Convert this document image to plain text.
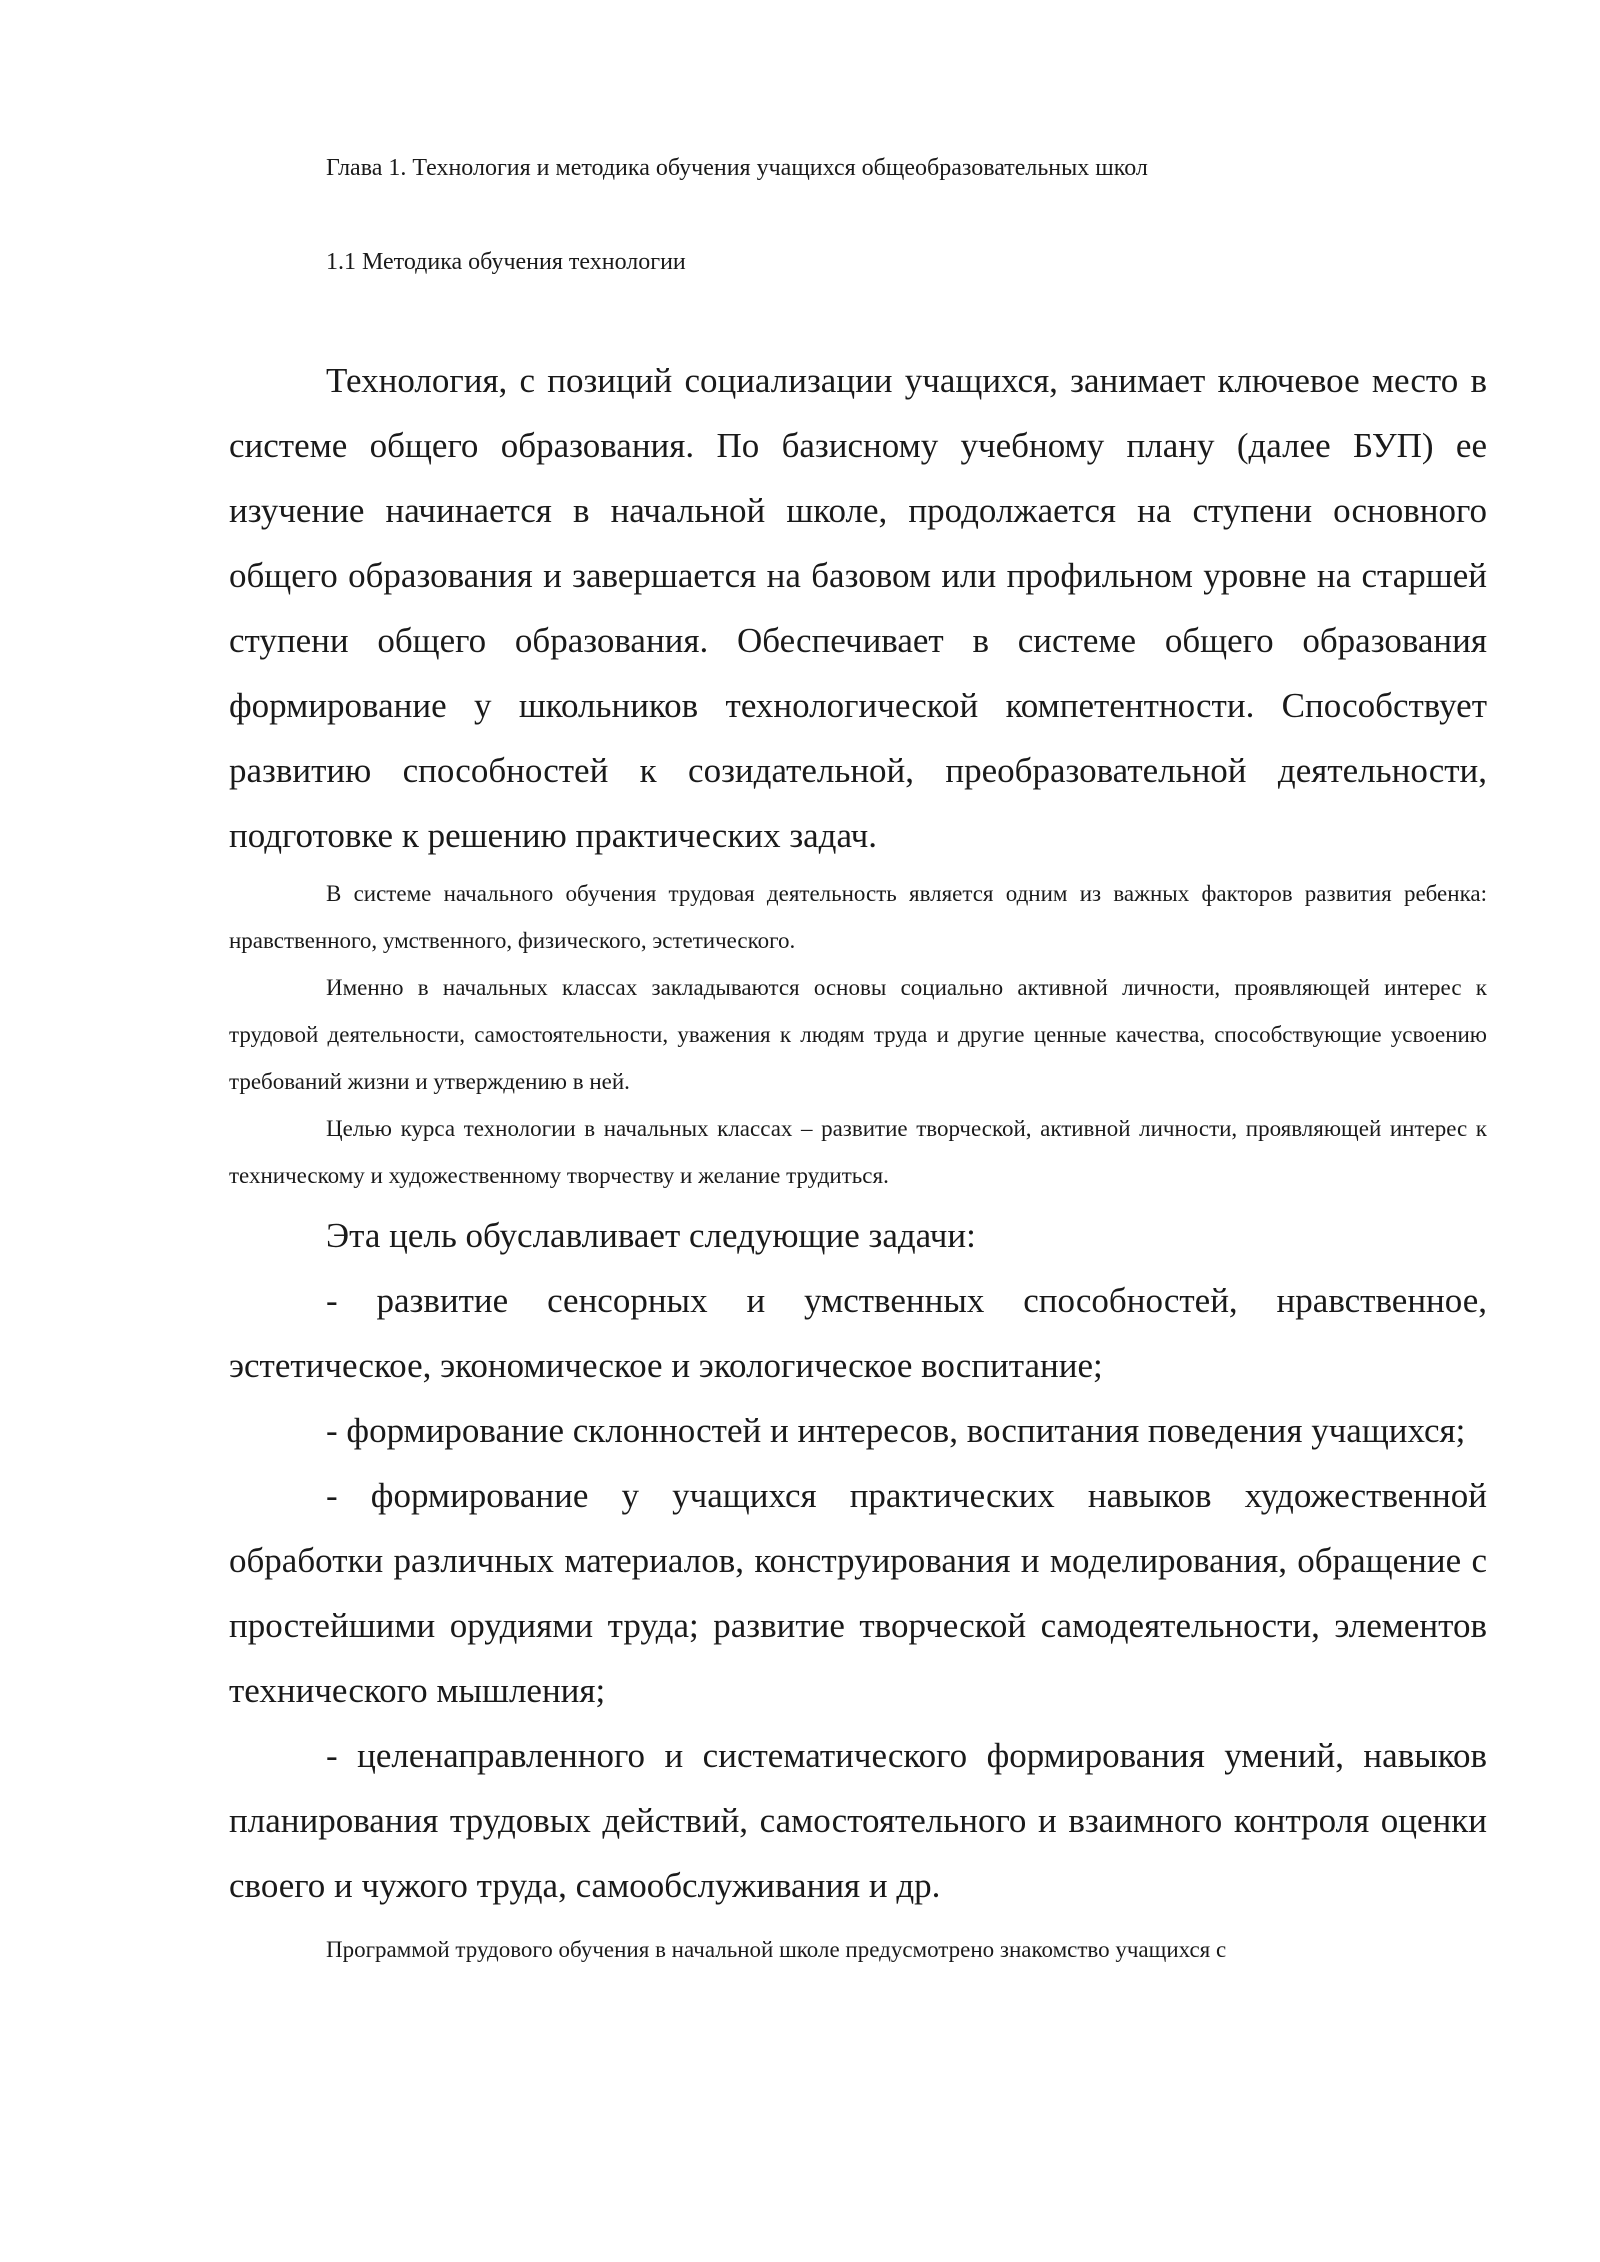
Глава 1. Технология и методика обучения учащихся общеобразовательных школ
1.1 Методика обучения технологии

Технология, с позиций социализации учащихся, занимает ключевое место в системе общего образования. По базисному учебному плану (далее БУП) ее изучение начинается в начальной школе, продолжается на ступени основного общего образования и завершается на базовом или профильном уровне на старшей ступени общего образования. Обеспечивает в системе общего образования формирование у школьников технологической компетентности. Способствует развитию способностей к созидательной, преобразовательной деятельности, подготовке к решению практических задач.

В системе начального обучения трудовая деятельность является одним из важных факторов развития ребенка: нравственного, умственного, физического, эстетического.

Именно в начальных классах закладываются основы социально активной личности, проявляющей интерес к трудовой деятельности, самостоятельности, уважения к людям труда и другие ценные качества, способствующие усвоению требований жизни и утверждению в ней.

Целью курса технологии в начальных классах – развитие творческой, активной личности, проявляющей интерес к техническому и художественному творчеству и желание трудиться.

Эта цель обуславливает следующие задачи:

- развитие сенсорных и умственных способностей, нравственное, эстетическое, экономическое и экологическое воспитание;

- формирование склонностей и интересов, воспитания поведения учащихся;

- формирование у учащихся практических навыков художественной обработки различных материалов, конструирования и моделирования, обращение с простейшими орудиями труда; развитие творческой самодеятельности, элементов технического мышления;

- целенаправленного и систематического формирования умений, навыков планирования трудовых действий, самостоятельного и взаимного контроля оценки своего и чужого труда, самообслуживания и др.

Программой трудового обучения в начальной школе предусмотрено знакомство учащихся с
